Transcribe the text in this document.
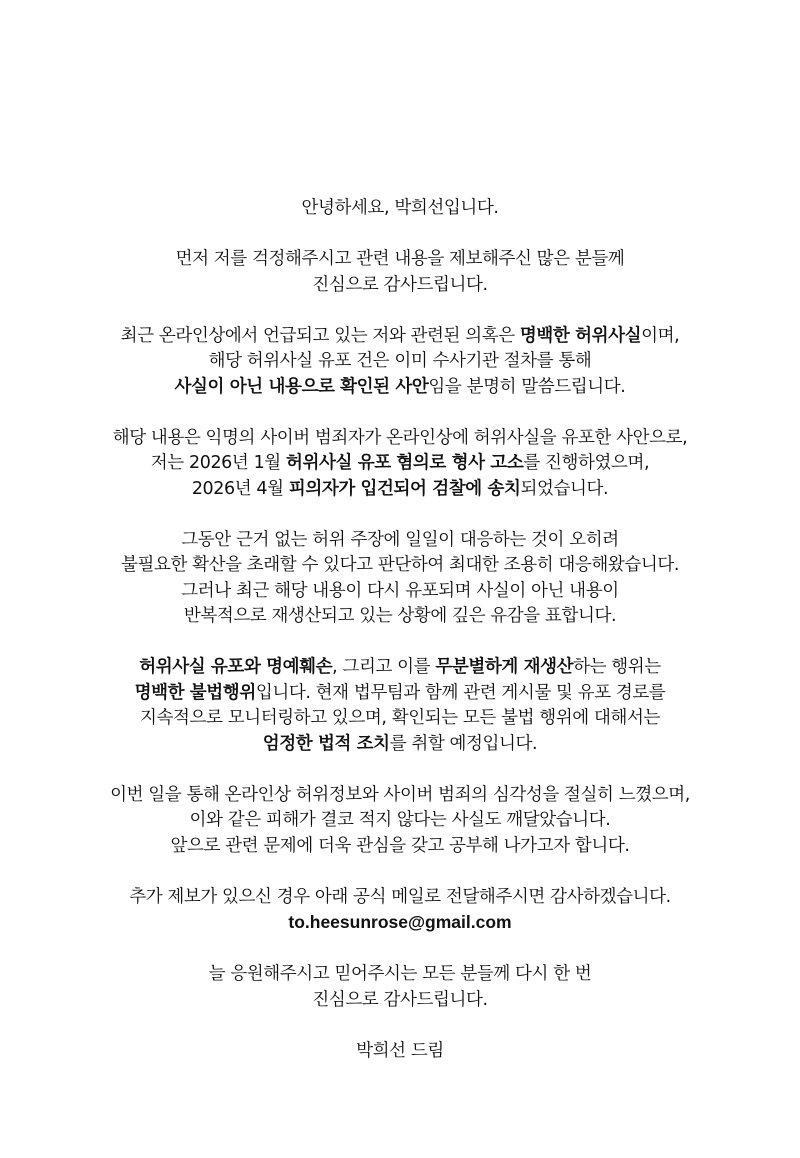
안녕하세요, 박희선입니다.
먼저 저를 걱정해주시고 관련 내용을 제보해주신 많은 분들께
진심으로 감사드립니다.
최근 온라인상에서 언급되고 있는 저와 관련된 의혹은 명백한 허위사실이며,
해당 허위사실 유포 건은 이미 수사기관 절차를 통해
사실이 아닌 내용으로 확인된 사안임을 분명히 말씀드립니다.
해당 내용은 익명의 사이버 범죄자가 온라인상에 허위사실을 유포한 사안으로,
저는 2026년 1월 허위사실 유포 혐의로 형사 고소를 진행하였으며,
2026년 4월 피의자가 입건되어 검찰에 송치되었습니다.
그동안 근거 없는 허위 주장에 일일이 대응하는 것이 오히려
불필요한 확산을 초래할 수 있다고 판단하여 최대한 조용히 대응해왔습니다.
그러나 최근 해당 내용이 다시 유포되며 사실이 아닌 내용이
반복적으로 재생산되고 있는 상황에 깊은 유감을 표합니다.
허위사실 유포와 명예훼손, 그리고 이를 무분별하게 재생산하는 행위는
명백한 불법행위입니다. 현재 법무팀과 함께 관련 게시물 및 유포 경로를
지속적으로 모니터링하고 있으며, 확인되는 모든 불법 행위에 대해서는
엄정한 법적 조치를 취할 예정입니다.
이번 일을 통해 온라인상 허위정보와 사이버 범죄의 심각성을 절실히 느꼈으며,
이와 같은 피해가 결코 적지 않다는 사실도 깨달았습니다.
앞으로 관련 문제에 더욱 관심을 갖고 공부해 나가고자 합니다.
추가 제보가 있으신 경우 아래 공식 메일로 전달해주시면 감사하겠습니다.
to.heesunrose@gmail.com
늘 응원해주시고 믿어주시는 모든 분들께 다시 한 번
진심으로 감사드립니다.
박희선 드림
